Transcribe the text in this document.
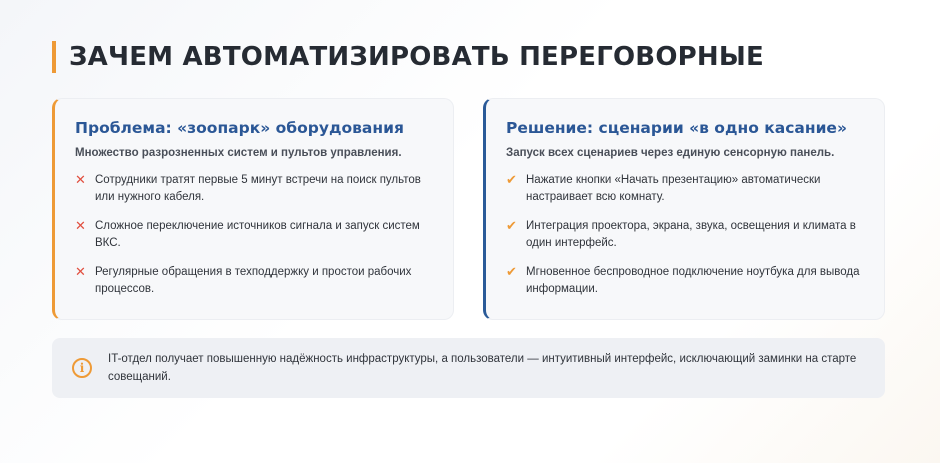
ЗАЧЕМ АВТОМАТИЗИРОВАТЬ ПЕРЕГОВОРНЫЕ
Проблема: «зоопарк» оборудования
Множество разрозненных систем и пультов управления.
✕ Сотрудники тратят первые 5 минут встречи на поиск пультов или нужного кабеля.
✕ Сложное переключение источников сигнала и запуск систем ВКС.
✕ Регулярные обращения в техподдержку и простои рабочих процессов.
Решение: сценарии «в одно касание»
Запуск всех сценариев через единую сенсорную панель.
✔ Нажатие кнопки «Начать презентацию» автоматически настраивает всю комнату.
✔ Интеграция проектора, экрана, звука, освещения и климата в один интерфейс.
✔ Мгновенное беспроводное подключение ноутбука для вывода информации.
i
IT-отдел получает повышенную надёжность инфраструктуры, а пользователи — интуитивный интерфейс, исключающий заминки на старте совещаний.
